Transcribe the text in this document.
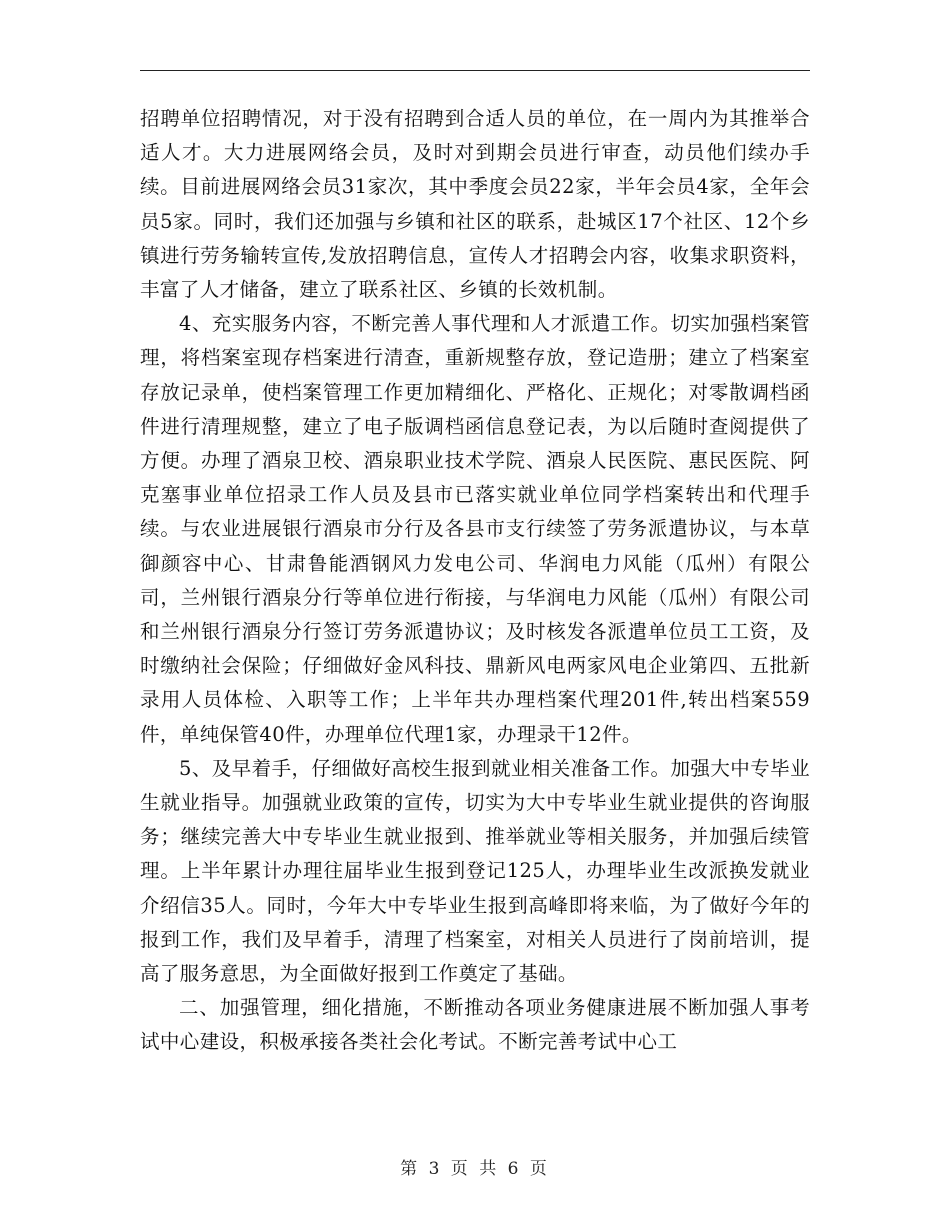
招聘单位招聘情况，对于没有招聘到合适人员的单位，在一周内为其推举合适人才。大力进展网络会员，及时对到期会员进行审查，动员他们续办手续。目前进展网络会员31家次，其中季度会员22家，半年会员4家，全年会员5家。同时，我们还加强与乡镇和社区的联系，赴城区17个社区、12个乡镇进行劳务输转宣传,发放招聘信息，宣传人才招聘会内容，收集求职资料，丰富了人才储备，建立了联系社区、乡镇的长效机制。

4、充实服务内容，不断完善人事代理和人才派遣工作。切实加强档案管理，将档案室现存档案进行清查，重新规整存放，登记造册；建立了档案室存放记录单，使档案管理工作更加精细化、严格化、正规化；对零散调档函件进行清理规整，建立了电子版调档函信息登记表，为以后随时查阅提供了方便。办理了酒泉卫校、酒泉职业技术学院、酒泉人民医院、惠民医院、阿克塞事业单位招录工作人员及县市已落实就业单位同学档案转出和代理手续。与农业进展银行酒泉市分行及各县市支行续签了劳务派遣协议，与本草御颜容中心、甘肃鲁能酒钢风力发电公司、华润电力风能（瓜州）有限公司，兰州银行酒泉分行等单位进行衔接，与华润电力风能（瓜州）有限公司和兰州银行酒泉分行签订劳务派遣协议；及时核发各派遣单位员工工资，及时缴纳社会保险；仔细做好金风科技、鼎新风电两家风电企业第四、五批新录用人员体检、入职等工作；上半年共办理档案代理201件,转出档案559件，单纯保管40件，办理单位代理1家，办理录干12件。

5、及早着手，仔细做好高校生报到就业相关准备工作。加强大中专毕业生就业指导。加强就业政策的宣传，切实为大中专毕业生就业提供的咨询服务；继续完善大中专毕业生就业报到、推举就业等相关服务，并加强后续管理。上半年累计办理往届毕业生报到登记125人，办理毕业生改派换发就业介绍信35人。同时，今年大中专毕业生报到高峰即将来临，为了做好今年的报到工作，我们及早着手，清理了档案室，对相关人员进行了岗前培训，提高了服务意思，为全面做好报到工作奠定了基础。

二、加强管理，细化措施，不断推动各项业务健康进展不断加强人事考试中心建设，积极承接各类社会化考试。不断完善考试中心工

第 3 页 共 6 页
